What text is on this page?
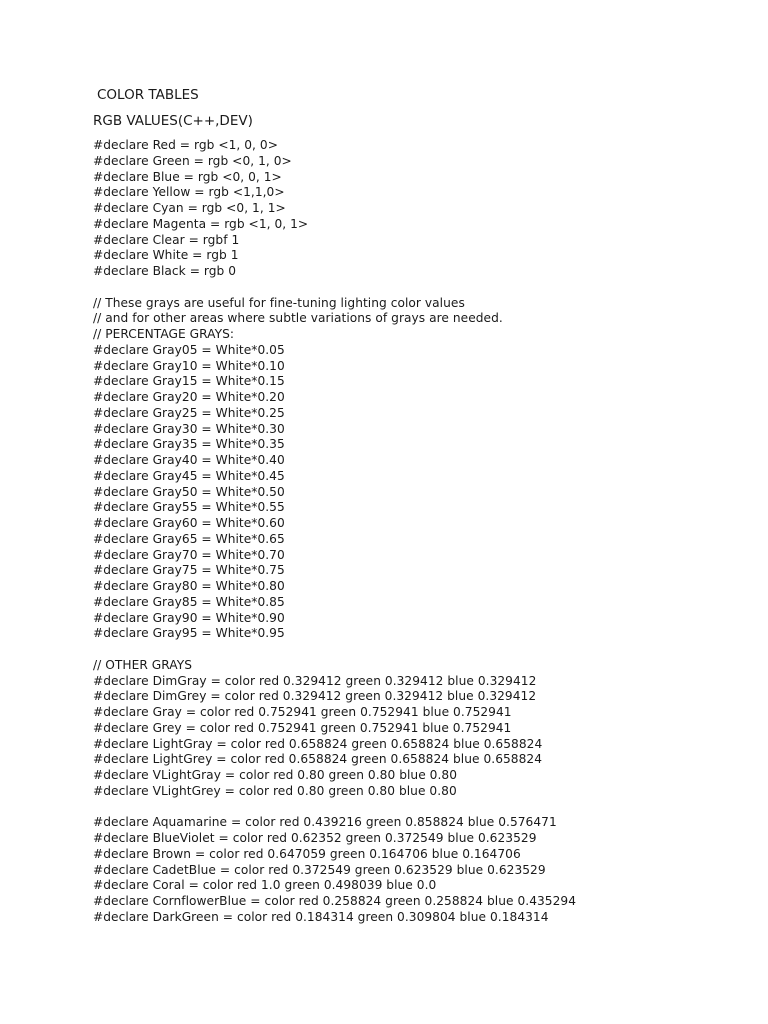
COLOR TABLES
RGB VALUES(C++,DEV)
#declare Red = rgb <1, 0, 0>
#declare Green = rgb <0, 1, 0>
#declare Blue = rgb <0, 0, 1>
#declare Yellow = rgb <1,1,0>
#declare Cyan = rgb <0, 1, 1>
#declare Magenta = rgb <1, 0, 1>
#declare Clear = rgbf 1
#declare White = rgb 1
#declare Black = rgb 0
// These grays are useful for fine-tuning lighting color values
// and for other areas where subtle variations of grays are needed.
// PERCENTAGE GRAYS:
#declare Gray05 = White*0.05
#declare Gray10 = White*0.10
#declare Gray15 = White*0.15
#declare Gray20 = White*0.20
#declare Gray25 = White*0.25
#declare Gray30 = White*0.30
#declare Gray35 = White*0.35
#declare Gray40 = White*0.40
#declare Gray45 = White*0.45
#declare Gray50 = White*0.50
#declare Gray55 = White*0.55
#declare Gray60 = White*0.60
#declare Gray65 = White*0.65
#declare Gray70 = White*0.70
#declare Gray75 = White*0.75
#declare Gray80 = White*0.80
#declare Gray85 = White*0.85
#declare Gray90 = White*0.90
#declare Gray95 = White*0.95
// OTHER GRAYS
#declare DimGray = color red 0.329412 green 0.329412 blue 0.329412
#declare DimGrey = color red 0.329412 green 0.329412 blue 0.329412
#declare Gray = color red 0.752941 green 0.752941 blue 0.752941
#declare Grey = color red 0.752941 green 0.752941 blue 0.752941
#declare LightGray = color red 0.658824 green 0.658824 blue 0.658824
#declare LightGrey = color red 0.658824 green 0.658824 blue 0.658824
#declare VLightGray = color red 0.80 green 0.80 blue 0.80
#declare VLightGrey = color red 0.80 green 0.80 blue 0.80
#declare Aquamarine = color red 0.439216 green 0.858824 blue 0.576471
#declare BlueViolet = color red 0.62352 green 0.372549 blue 0.623529
#declare Brown = color red 0.647059 green 0.164706 blue 0.164706
#declare CadetBlue = color red 0.372549 green 0.623529 blue 0.623529
#declare Coral = color red 1.0 green 0.498039 blue 0.0
#declare CornflowerBlue = color red 0.258824 green 0.258824 blue 0.435294
#declare DarkGreen = color red 0.184314 green 0.309804 blue 0.184314
